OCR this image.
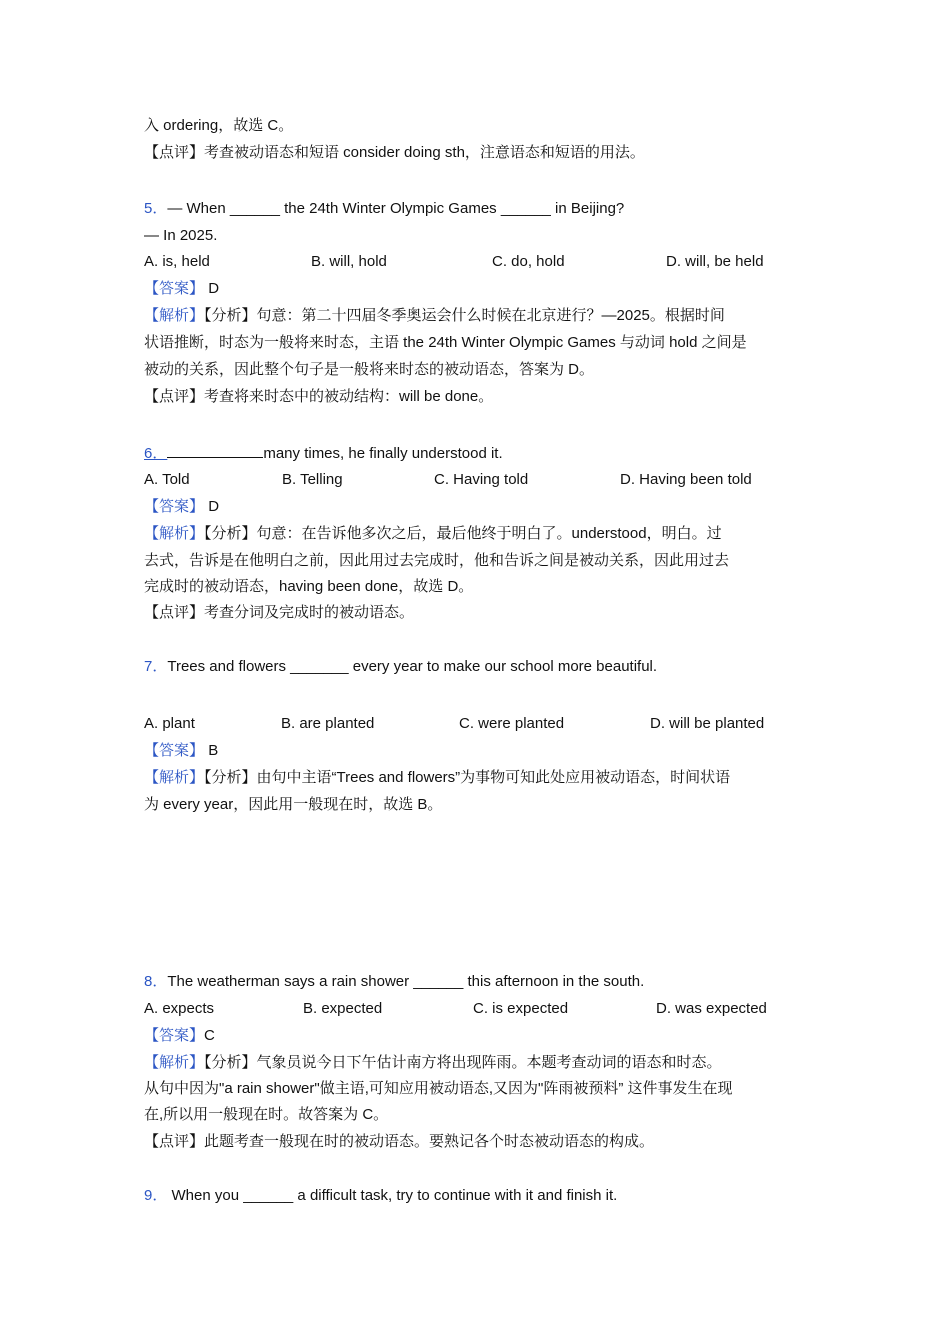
入 ordering，故选 C。
【点评】考查被动语态和短语 consider doing sth，注意语态和短语的用法。
5．— When ______ the 24th Winter Olympic Games ______ in Beijing?
— In 2025.
A. is, held	B. will, hold	C. do, hold	D. will, be held
【答案】 D
【解析】【分析】句意：第二十四届冬季奥运会什么时候在北京进行？—2025。根据时间
状语推断，时态为一般将来时态，主语 the 24th Winter Olympic Games 与动词 hold 之间是
被动的关系，因此整个句子是一般将来时态的被动语态，答案为 D。
【点评】考查将来时态中的被动结构：will be done。
6．	many times, he finally understood it.
A. Told	B. Telling	C. Having told	D. Having been told
【答案】 D
【解析】【分析】句意：在告诉他多次之后，最后他终于明白了。understood，明白。过
去式，告诉是在他明白之前，因此用过去完成时，他和告诉之间是被动关系，因此用过去
完成时的被动语态，having been done，故选 D。
【点评】考查分词及完成时的被动语态。
7．Trees and flowers _______ every year to make our school more beautiful.
A. plant	B. are planted	C. were planted	D. will be planted
【答案】 B
【解析】【分析】由句中主语“Trees and flowers”为事物可知此处应用被动语态，时间状语
为 every year，因此用一般现在时，故选 B。
8．The weatherman says a rain shower ______ this afternoon in the south.
A. expects	B. expected	C. is expected	D. was expected
【答案】C
【解析】【分析】气象员说今日下午估计南方将出现阵雨。本题考查动词的语态和时态。
从句中因为"a rain shower"做主语,可知应用被动语态,又因为"阵雨被预料” 这件事发生在现
在,所以用一般现在时。故答案为 C。
【点评】此题考查一般现在时的被动语态。要熟记各个时态被动语态的构成。
9． When you ______ a difficult task, try to continue with it and finish it.
